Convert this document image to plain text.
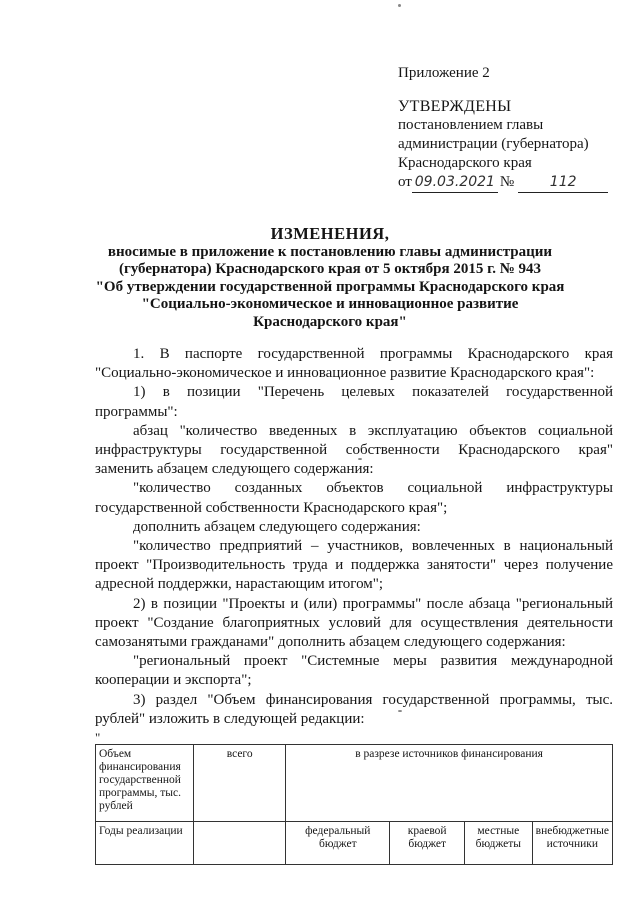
Приложение 2
УТВЕРЖДЕНЫ
постановлением главы
администрации (губернатора)
Краснодарского края
от 09.03.2021 №	112
ИЗМЕНЕНИЯ,
вносимые в приложение к постановлению главы администрации
(губернатора) Краснодарского края от 5 октября 2015 г. № 943
"Об утверждении государственной программы Краснодарского края
"Социально-экономическое и инновационное развитие
Краснодарского края"

1. В паспорте государственной программы Краснодарского края "Социально-экономическое и инновационное развитие Краснодарского края":

1) в позиции "Перечень целевых показателей государственной программы":

абзац "количество введенных в эксплуатацию объектов социальной инфраструктуры государственной собственности Краснодарского края" заменить абзацем следующего содержания:

"количество созданных объектов социальной инфраструктуры государственной собственности Краснодарского края";

дополнить абзацем следующего содержания:

"количество предприятий – участников, вовлеченных в национальный проект "Производительность труда и поддержка занятости" через получение адресной поддержки, нарастающим итогом";

2) в позиции "Проекты и (или) программы" после абзаца "региональный проект "Создание благоприятных условий для осуществления деятельности самозанятыми гражданами" дополнить абзацем следующего содержания:

"региональный проект "Системные меры развития международной кооперации и экспорта";

3) раздел "Объем финансирования государственной программы, тыс. рублей" изложить в следующей редакции:

"
Объем финансирования государственной программы, тыс. рублей	всего	в разрезе источников финансирования			
Годы реализации		федеральный бюджет	краевой бюджет	местные бюджеты	внебюджетные источники
